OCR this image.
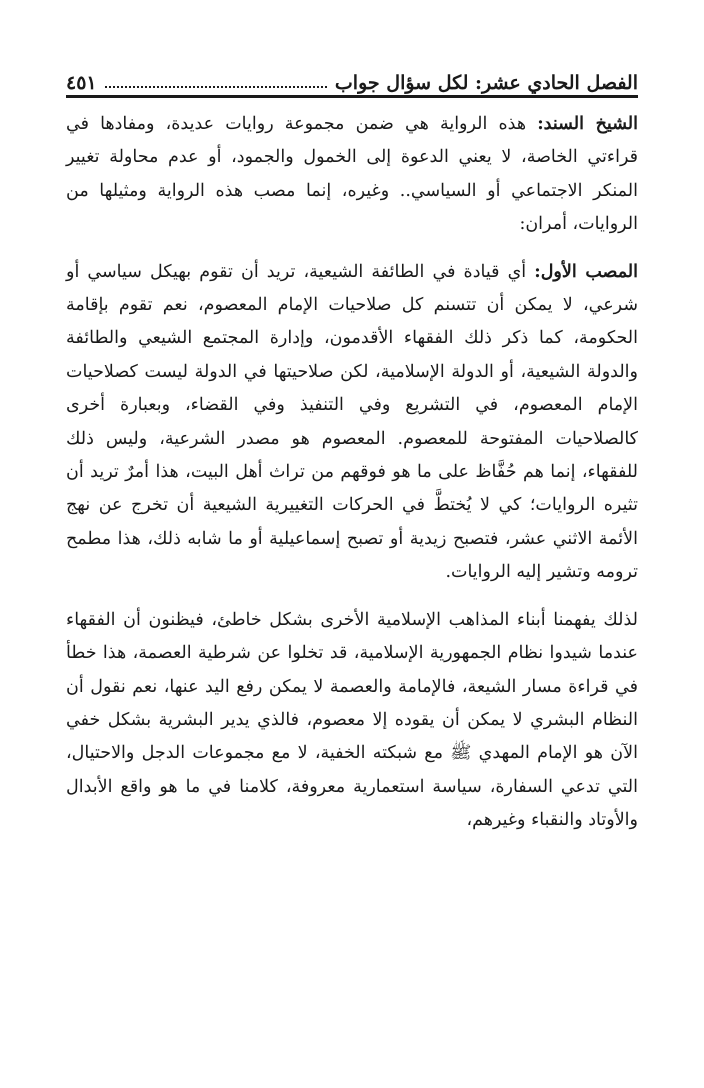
الفصل الحادي عشر: لكل سؤال جواب
٤٥١

الشيخ السند: هذه الرواية هي ضمن مجموعة روايات عديدة، ومفادها في قراءتي الخاصة، لا يعني الدعوة إلى الخمول والجمود، أو عدم محاولة تغيير المنكر الاجتماعي أو السياسي.. وغيره، إنما مصب هذه الرواية ومثيلها من الروايات، أمران:

المصب الأول: أي قيادة في الطائفة الشيعية، تريد أن تقوم بهيكل سياسي أو شرعي، لا يمكن أن تتسنم كل صلاحيات الإمام المعصوم، نعم تقوم بإقامة الحكومة، كما ذكر ذلك الفقهاء الأقدمون، وإدارة المجتمع الشيعي والطائفة والدولة الشيعية، أو الدولة الإسلامية، لكن صلاحيتها في الدولة ليست كصلاحيات الإمام المعصوم، في التشريع وفي التنفيذ وفي القضاء، وبعبارة أخرى كالصلاحيات المفتوحة للمعصوم. المعصوم هو مصدر الشرعية، وليس ذلك للفقهاء، إنما هم حُفَّاظ على ما هو فوقهم من تراث أهل البيت، هذا أمرٌ تريد أن تثيره الروايات؛ كي لا يُختطَّ في الحركات التغييرية الشيعية أن تخرج عن نهج الأئمة الاثني عشر، فتصبح زيدية أو تصبح إسماعيلية أو ما شابه ذلك، هذا مطمح ترومه وتشير إليه الروايات.

لذلك يفهمنا أبناء المذاهب الإسلامية الأخرى بشكل خاطئ، فيظنون أن الفقهاء عندما شيدوا نظام الجمهورية الإسلامية، قد تخلوا عن شرطية العصمة، هذا خطأ في قراءة مسار الشيعة، فالإمامة والعصمة لا يمكن رفع اليد عنها، نعم نقول أن النظام البشري لا يمكن أن يقوده إلا معصوم، فالذي يدير البشرية بشكل خفي الآن هو الإمام المهدي ﷺ مع شبكته الخفية، لا مع مجموعات الدجل والاحتيال، التي تدعي السفارة، سياسة استعمارية معروفة، كلامنا في ما هو واقع الأبدال والأوتاد والنقباء وغيرهم،
